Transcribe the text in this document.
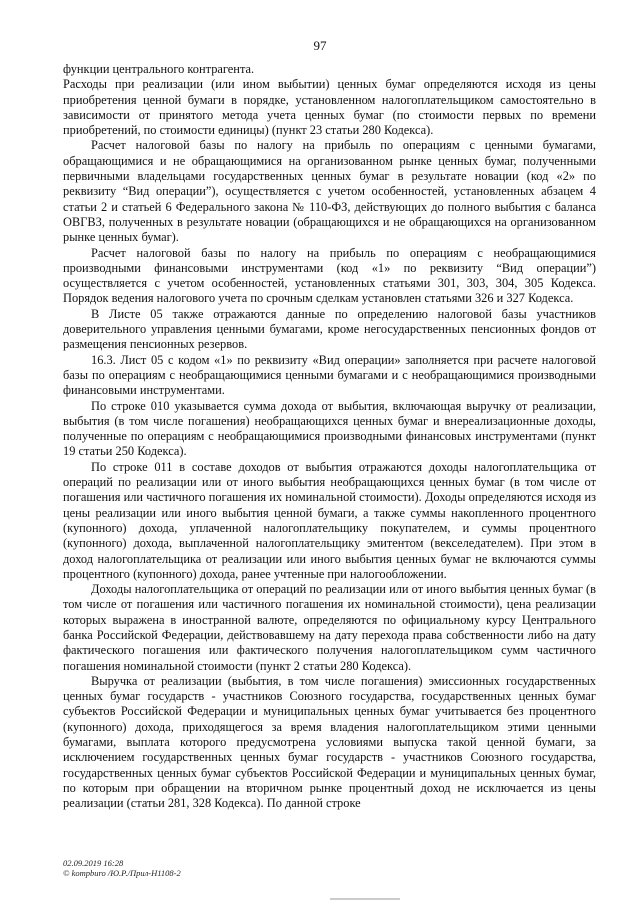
97

функции центрального контрагента.

Расходы при реализации (или ином выбытии) ценных бумаг определяются исходя из цены приобретения ценной бумаги в порядке, установленном налогоплательщиком самостоятельно в зависимости от принятого метода учета ценных бумаг (по стоимости первых по времени приобретений, по стоимости единицы) (пункт 23 статьи 280 Кодекса).

Расчет налоговой базы по налогу на прибыль по операциям с ценными бумагами, обращающимися и не обращающимися на организованном рынке ценных бумаг, полученными первичными владельцами государственных ценных бумаг в результате новации (код «2» по реквизиту “Вид операции”), осуществляется с учетом особенностей, установленных абзацем 4 статьи 2 и статьей 6 Федерального закона № 110-ФЗ, действующих до полного выбытия с баланса ОВГВЗ, полученных в результате новации (обращающихся и не обращающихся на организованном рынке ценных бумаг).

Расчет налоговой базы по налогу на прибыль по операциям с необращающимися производными финансовыми инструментами (код «1» по реквизиту “Вид операции”) осуществляется с учетом особенностей, установленных статьями 301, 303, 304, 305 Кодекса. Порядок ведения налогового учета по срочным сделкам установлен статьями 326 и 327 Кодекса.

В Листе 05 также отражаются данные по определению налоговой базы участников доверительного управления ценными бумагами, кроме негосударственных пенсионных фондов от размещения пенсионных резервов.

16.3. Лист 05 с кодом «1» по реквизиту «Вид операции» заполняется при расчете налоговой базы по операциям с необращающимися ценными бумагами и с необращающимися производными финансовыми инструментами.

По строке 010 указывается сумма дохода от выбытия, включающая выручку от реализации, выбытия (в том числе погашения) необращающихся ценных бумаг и внереализационные доходы, полученные по операциям с необращающимися производными финансовых инструментами (пункт 19 статьи 250 Кодекса).

По строке 011 в составе доходов от выбытия отражаются доходы налогоплательщика от операций по реализации или от иного выбытия необращающихся ценных бумаг (в том числе от погашения или частичного погашения их номинальной стоимости). Доходы определяются исходя из цены реализации или иного выбытия ценной бумаги, а также суммы накопленного процентного (купонного) дохода, уплаченной налогоплательщику покупателем, и суммы процентного (купонного) дохода, выплаченной налогоплательщику эмитентом (векселедателем). При этом в доход налогоплательщика от реализации или иного выбытия ценных бумаг не включаются суммы процентного (купонного) дохода, ранее учтенные при налогообложении.

Доходы налогоплательщика от операций по реализации или от иного выбытия ценных бумаг (в том числе от погашения или частичного погашения их номинальной стоимости), цена реализации которых выражена в иностранной валюте, определяются по официальному курсу Центрального банка Российской Федерации, действовавшему на дату перехода права собственности либо на дату фактического погашения или фактического получения налогоплательщиком сумм частичного погашения номинальной стоимости (пункт 2 статьи 280 Кодекса).

Выручка от реализации (выбытия, в том числе погашения) эмиссионных государственных ценных бумаг государств - участников Союзного государства, государственных ценных бумаг субъектов Российской Федерации и муниципальных ценных бумаг учитывается без процентного (купонного) дохода, приходящегося за время владения налогоплательщиком этими ценными бумагами, выплата которого предусмотрена условиями выпуска такой ценной бумаги, за исключением государственных ценных бумаг государств - участников Союзного государства, государственных ценных бумаг субъектов Российской Федерации и муниципальных ценных бумаг, по которым при обращении на вторичном рынке процентный доход не исключается из цены реализации (статьи 281, 328 Кодекса). По данной строке

02.09.2019 16:28
© kompburo /Ю.Р./Прил-Н1108-2
